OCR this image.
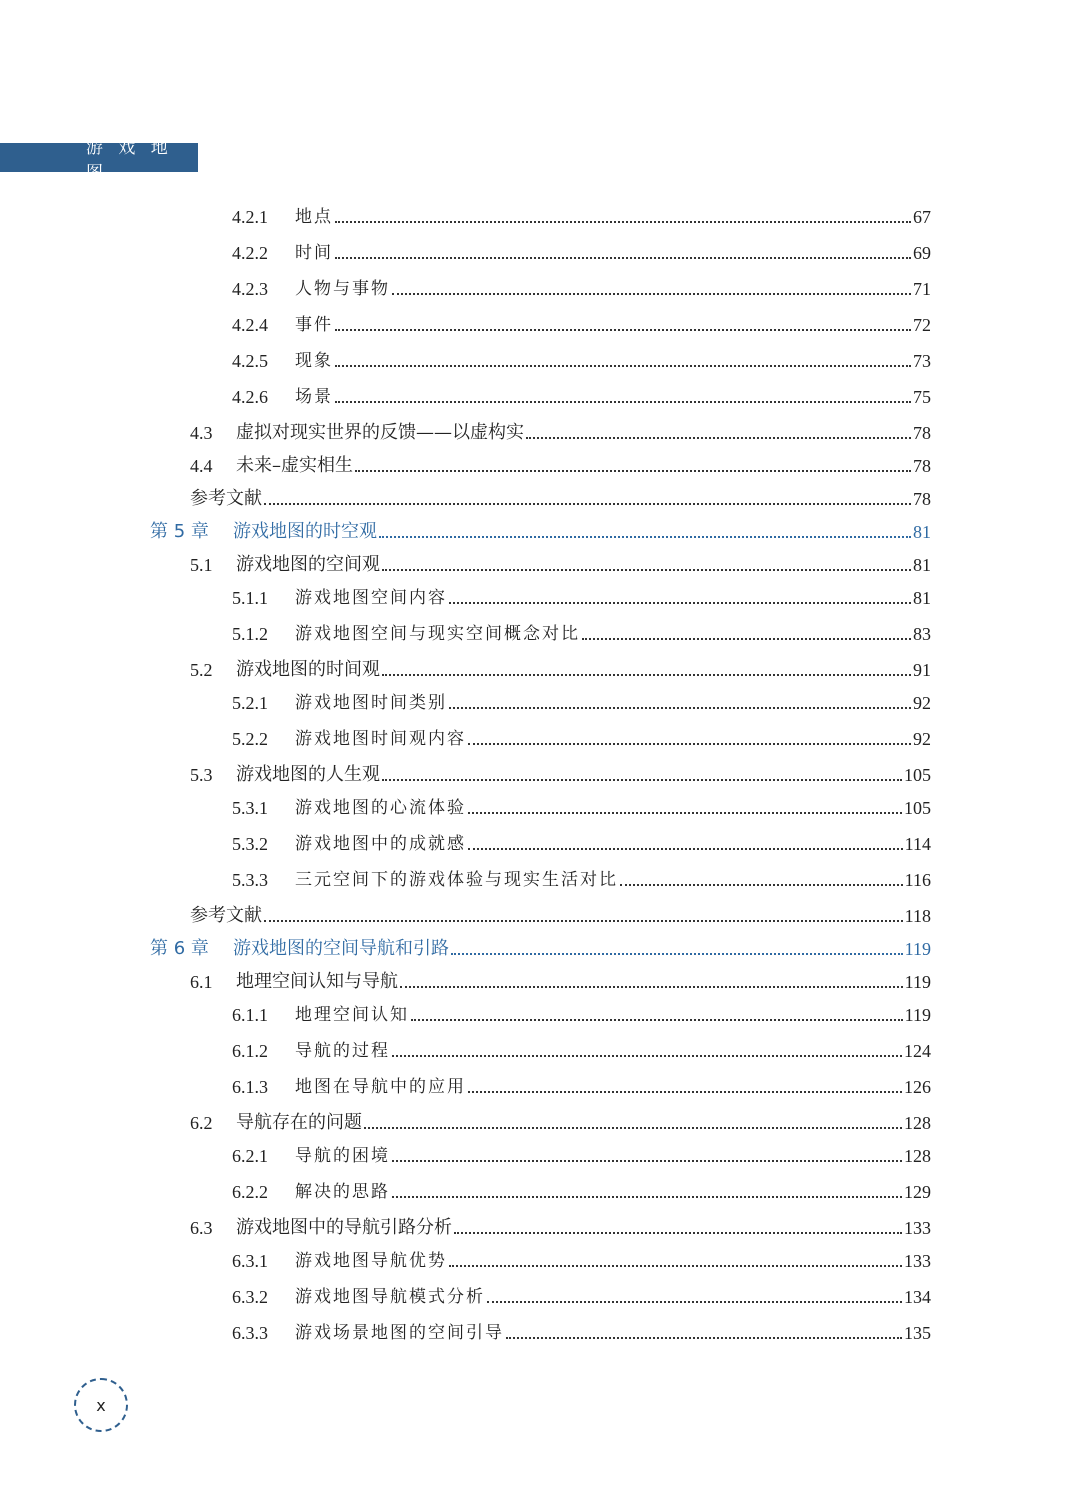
游 戏 地 图
4.2.1	地点	67
4.2.2	时间	69
4.2.3	人物与事物	71
4.2.4	事件	72
4.2.5	现象	73
4.2.6	场景	75
4.3	虚拟对现实世界的反馈——以虚构实	78
4.4	未来–虚实相生	78
参考文献	78
第 5 章	游戏地图的时空观	81
5.1	游戏地图的空间观	81
5.1.1	游戏地图空间内容	81
5.1.2	游戏地图空间与现实空间概念对比	83
5.2	游戏地图的时间观	91
5.2.1	游戏地图时间类别	92
5.2.2	游戏地图时间观内容	92
5.3	游戏地图的人生观	105
5.3.1	游戏地图的心流体验	105
5.3.2	游戏地图中的成就感	114
5.3.3	三元空间下的游戏体验与现实生活对比	116
参考文献	118
第 6 章	游戏地图的空间导航和引路	119
6.1	地理空间认知与导航	119
6.1.1	地理空间认知	119
6.1.2	导航的过程	124
6.1.3	地图在导航中的应用	126
6.2	导航存在的问题	128
6.2.1	导航的困境	128
6.2.2	解决的思路	129
6.3	游戏地图中的导航引路分析	133
6.3.1	游戏地图导航优势	133
6.3.2	游戏地图导航模式分析	134
6.3.3	游戏场景地图的空间引导	135
x
